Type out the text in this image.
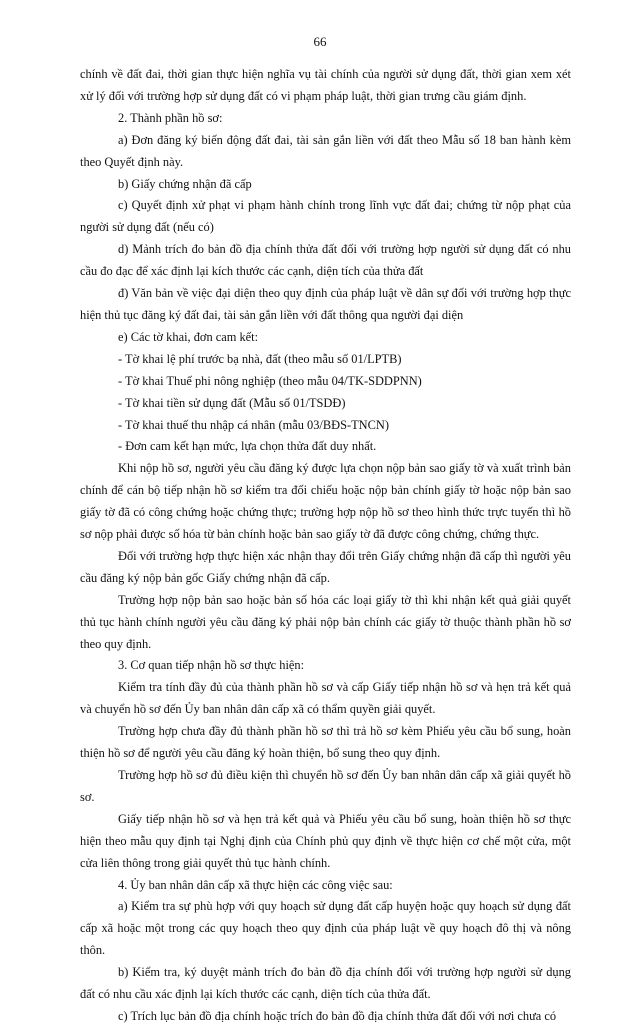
66

chính về đất đai, thời gian thực hiện nghĩa vụ tài chính của người sử dụng đất, thời gian xem xét xử lý đối với trường hợp sử dụng đất có vi phạm pháp luật, thời gian trưng cầu giám định.

2. Thành phần hồ sơ:

a) Đơn đăng ký biến động đất đai, tài sản gắn liền với đất theo Mẫu số 18 ban hành kèm theo Quyết định này.

b) Giấy chứng nhận đã cấp

c) Quyết định xử phạt vi phạm hành chính trong lĩnh vực đất đai; chứng từ nộp phạt của người sử dụng đất (nếu có)

d) Mảnh trích đo bản đồ địa chính thửa đất đối với trường hợp người sử dụng đất có nhu cầu đo đạc để xác định lại kích thước các cạnh, diện tích của thửa đất

đ) Văn bản về việc đại diện theo quy định của pháp luật về dân sự đối với trường hợp thực hiện thủ tục đăng ký đất đai, tài sản gắn liền với đất thông qua người đại diện

e) Các tờ khai, đơn cam kết:

- Tờ khai lệ phí trước bạ nhà, đất (theo mẫu số 01/LPTB)

- Tờ khai Thuế phi nông nghiệp (theo mẫu 04/TK-SDDPNN)

- Tờ khai tiền sử dụng đất (Mẫu số 01/TSDĐ)

- Tờ khai thuế thu nhập cá nhân (mẫu 03/BĐS-TNCN)

- Đơn cam kết hạn mức, lựa chọn thửa đất duy nhất.

Khi nộp hồ sơ, người yêu cầu đăng ký được lựa chọn nộp bản sao giấy tờ và xuất trình bản chính để cán bộ tiếp nhận hồ sơ kiểm tra đối chiếu hoặc nộp bản chính giấy tờ hoặc nộp bản sao giấy tờ đã có công chứng hoặc chứng thực; trường hợp nộp hồ sơ theo hình thức trực tuyến thì hồ sơ nộp phải được số hóa từ bản chính hoặc bản sao giấy tờ đã được công chứng, chứng thực.

Đối với trường hợp thực hiện xác nhận thay đổi trên Giấy chứng nhận đã cấp thì người yêu cầu đăng ký nộp bản gốc Giấy chứng nhận đã cấp.

Trường hợp nộp bản sao hoặc bản số hóa các loại giấy tờ thì khi nhận kết quả giải quyết thủ tục hành chính người yêu cầu đăng ký phải nộp bản chính các giấy tờ thuộc thành phần hồ sơ theo quy định.

3. Cơ quan tiếp nhận hồ sơ thực hiện:

Kiểm tra tính đầy đủ của thành phần hồ sơ và cấp Giấy tiếp nhận hồ sơ và hẹn trả kết quả và chuyển hồ sơ đến Ủy ban nhân dân cấp xã có thẩm quyền giải quyết.

Trường hợp chưa đầy đủ thành phần hồ sơ thì trả hồ sơ kèm Phiếu yêu cầu bổ sung, hoàn thiện hồ sơ để người yêu cầu đăng ký hoàn thiện, bổ sung theo quy định.

Trường hợp hồ sơ đủ điều kiện thì chuyển hồ sơ đến Ủy ban nhân dân cấp xã giải quyết hồ sơ.

Giấy tiếp nhận hồ sơ và hẹn trả kết quả và Phiếu yêu cầu bổ sung, hoàn thiện hồ sơ thực hiện theo mẫu quy định tại Nghị định của Chính phủ quy định về thực hiện cơ chế một cửa, một cửa liên thông trong giải quyết thủ tục hành chính.

4. Ủy ban nhân dân cấp xã thực hiện các công việc sau:

a) Kiểm tra sự phù hợp với quy hoạch sử dụng đất cấp huyện hoặc quy hoạch sử dụng đất cấp xã hoặc một trong các quy hoạch theo quy định của pháp luật về quy hoạch đô thị và nông thôn.

b) Kiểm tra, ký duyệt mảnh trích đo bản đồ địa chính đối với trường hợp người sử dụng đất có nhu cầu xác định lại kích thước các cạnh, diện tích của thửa đất.

c) Trích lục bản đồ địa chính hoặc trích đo bản đồ địa chính thửa đất đối với nơi chưa có
